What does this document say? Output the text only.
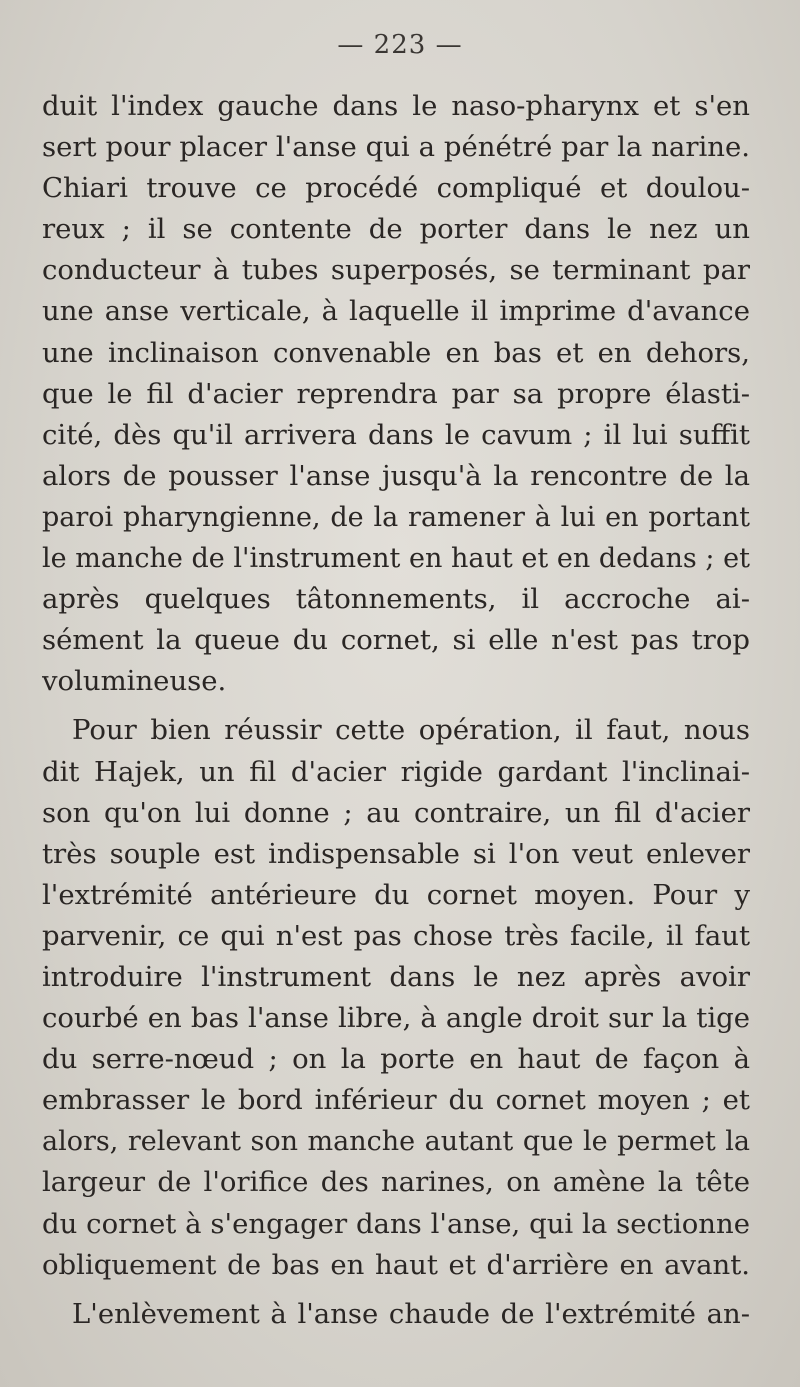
— 223 —
duit l'index gauche dans le naso-pharynx et s'en
sert pour placer l'anse qui a pénétré par la narine.
Chiari trouve ce procédé compliqué et doulou-
reux ; il se contente de porter dans le nez un
conducteur à tubes superposés, se terminant par
une anse verticale, à laquelle il imprime d'avance
une inclinaison convenable en bas et en dehors,
que le fil d'acier reprendra par sa propre élasti-
cité, dès qu'il arrivera dans le cavum ; il lui suffit
alors de pousser l'anse jusqu'à la rencontre de la
paroi pharyngienne, de la ramener à lui en portant
le manche de l'instrument en haut et en dedans ; et
après quelques tâtonnements, il accroche ai-
sément la queue du cornet, si elle n'est pas trop
volumineuse.
Pour bien réussir cette opération, il faut, nous
dit Hajek, un fil d'acier rigide gardant l'inclinai-
son qu'on lui donne ; au contraire, un fil d'acier
très souple est indispensable si l'on veut enlever
l'extrémité antérieure du cornet moyen. Pour y
parvenir, ce qui n'est pas chose très facile, il faut
introduire l'instrument dans le nez après avoir
courbé en bas l'anse libre, à angle droit sur la tige
du serre-nœud ; on la porte en haut de façon à
embrasser le bord inférieur du cornet moyen ; et
alors, relevant son manche autant que le permet la
largeur de l'orifice des narines, on amène la tête
du cornet à s'engager dans l'anse, qui la sectionne
obliquement de bas en haut et d'arrière en avant.
L'enlèvement à l'anse chaude de l'extrémité an-
